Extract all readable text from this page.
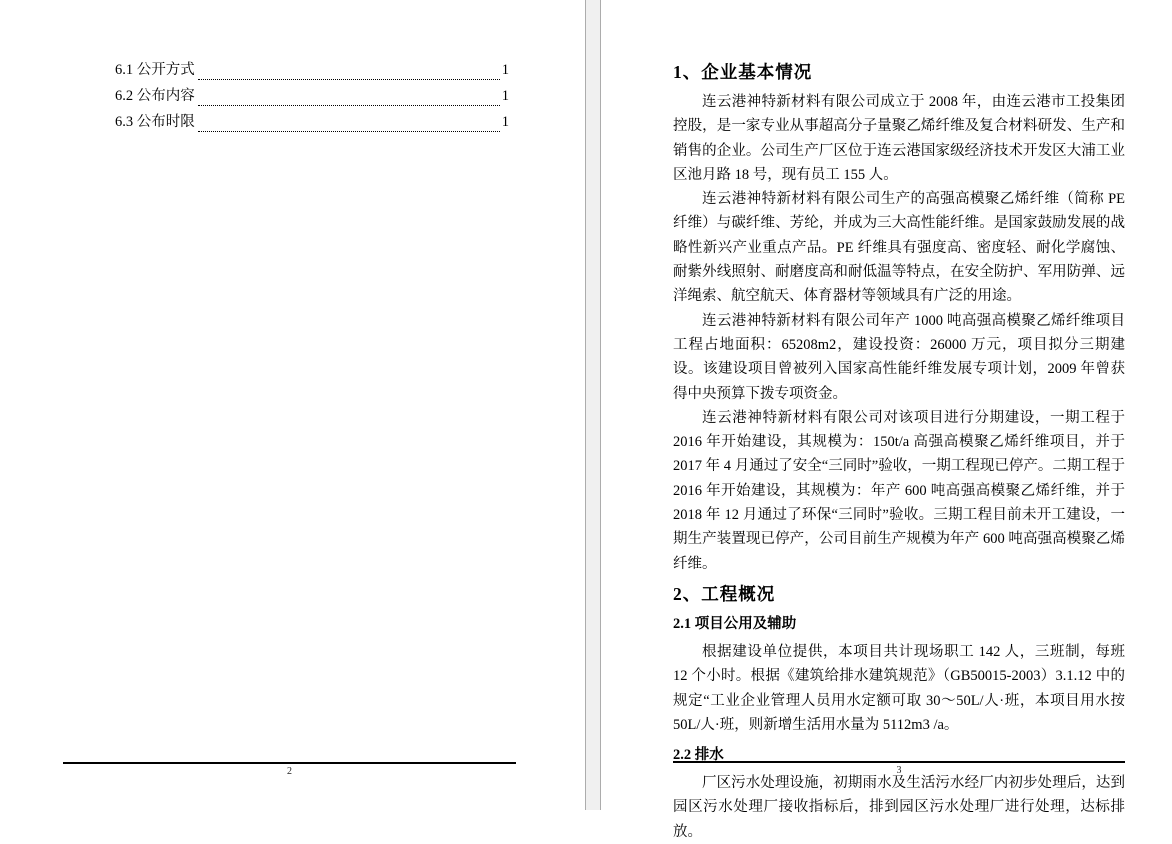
6.1 公开方式	1
6.2 公布内容	1
6.3 公布时限	1
2
1、企业基本情况

连云港神特新材料有限公司成立于 2008 年，由连云港市工投集团控股，是一家专业从事超高分子量聚乙烯纤维及复合材料研发、生产和销售的企业。公司生产厂区位于连云港国家级经济技术开发区大浦工业区池月路 18 号，现有员工 155 人。

连云港神特新材料有限公司生产的高强高模聚乙烯纤维（简称 PE 纤维）与碳纤维、芳纶，并成为三大高性能纤维。是国家鼓励发展的战略性新兴产业重点产品。PE 纤维具有强度高、密度轻、耐化学腐蚀、耐紫外线照射、耐磨度高和耐低温等特点，在安全防护、军用防弹、远洋绳索、航空航天、体育器材等领域具有广泛的用途。

连云港神特新材料有限公司年产 1000 吨高强高模聚乙烯纤维项目工程占地面积：65208m2，建设投资：26000 万元，项目拟分三期建设。该建设项目曾被列入国家高性能纤维发展专项计划，2009 年曾获得中央预算下拨专项资金。

连云港神特新材料有限公司对该项目进行分期建设，一期工程于 2016 年开始建设，其规模为：150t/a 高强高模聚乙烯纤维项目，并于 2017 年 4 月通过了安全“三同时”验收，一期工程现已停产。二期工程于 2016 年开始建设，其规模为：年产 600 吨高强高模聚乙烯纤维，并于 2018 年 12 月通过了环保“三同时”验收。三期工程目前未开工建设，一期生产装置现已停产，公司目前生产规模为年产 600 吨高强高模聚乙烯纤维。

2、工程概况
2.1 项目公用及辅助

根据建设单位提供，本项目共计现场职工 142 人，三班制，每班 12 个小时。根据《建筑给排水建筑规范》（GB50015-2003）3.1.12 中的规定“工业企业管理人员用水定额可取 30～50L/人·班，本项目用水按 50L/人·班，则新增生活用水量为 5112m3 /a。

2.2 排水

厂区污水处理设施，初期雨水及生活污水经厂内初步处理后，达到园区污水处理厂接收指标后，排到园区污水处理厂进行处理，达标排放。

3
